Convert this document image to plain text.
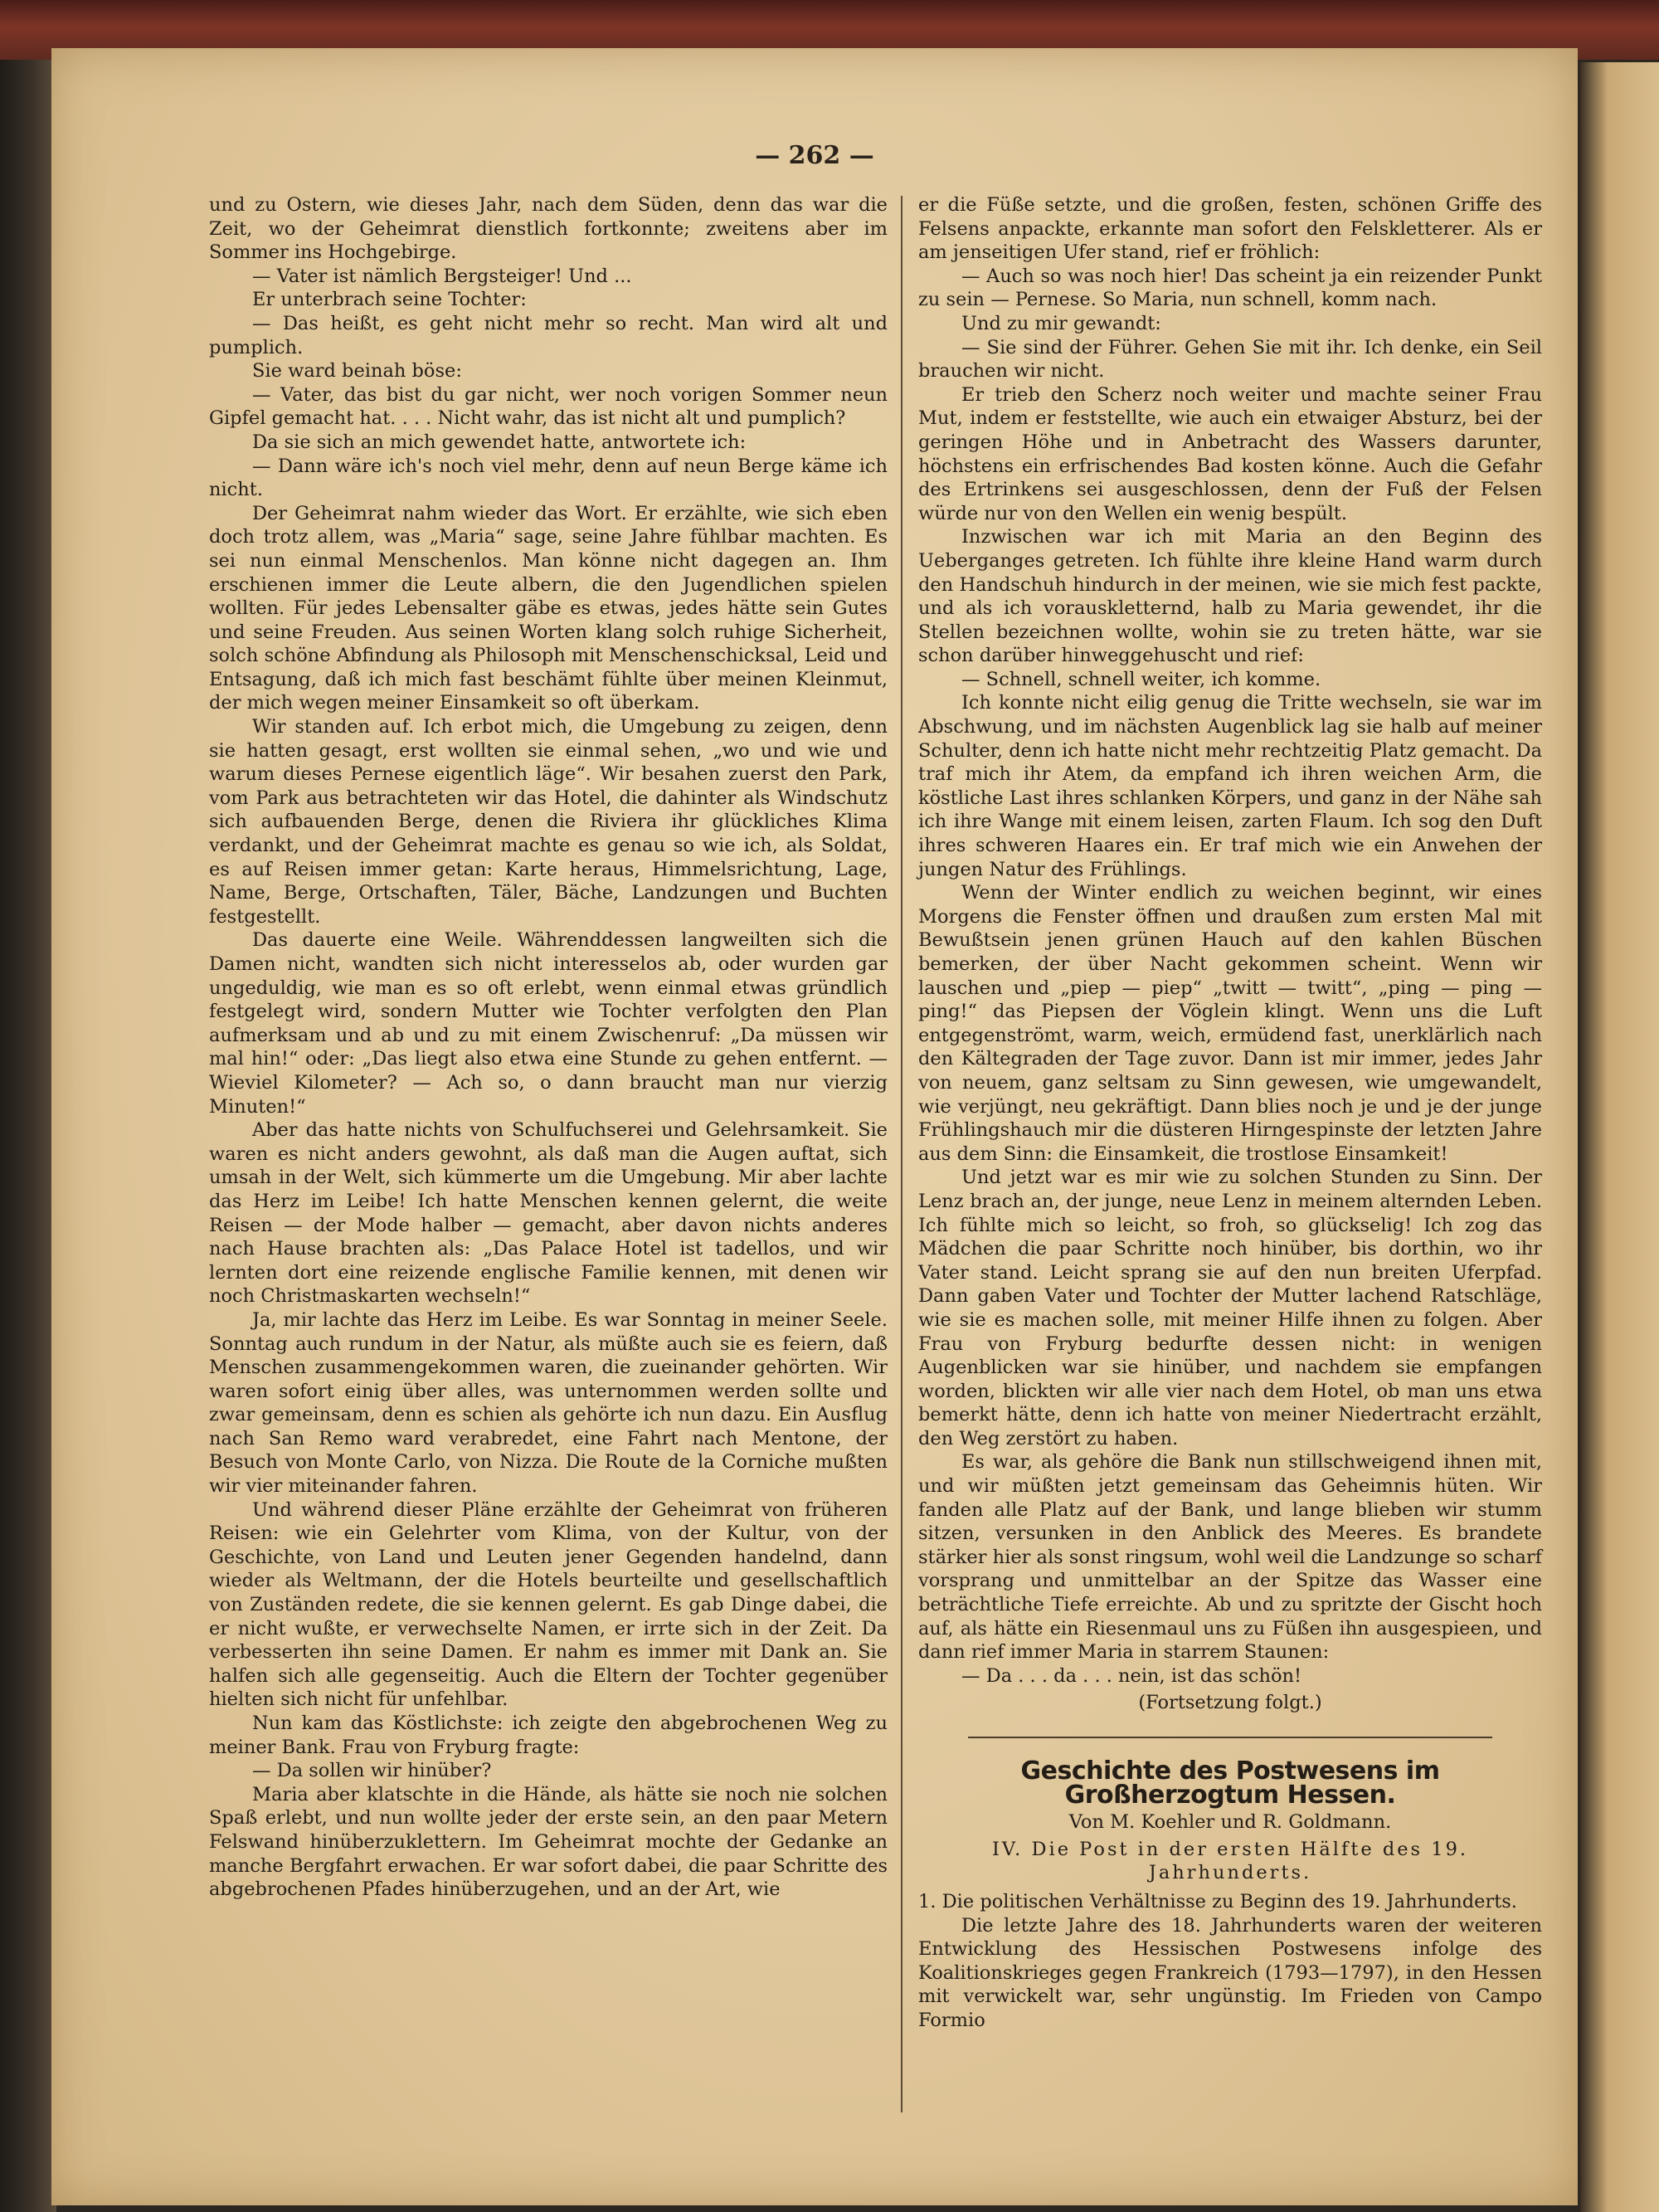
— 262 —

und zu Ostern, wie dieses Jahr, nach dem Süden, denn das war die Zeit, wo der Geheimrat dienstlich fortkonnte; zweitens aber im Sommer ins Hochgebirge.

— Vater ist nämlich Bergsteiger! Und ...

Er unterbrach seine Tochter:

— Das heißt, es geht nicht mehr so recht. Man wird alt und pumplich.

Sie ward beinah böse:

— Vater, das bist du gar nicht, wer noch vorigen Sommer neun Gipfel gemacht hat. . . . Nicht wahr, das ist nicht alt und pumplich?

Da sie sich an mich gewendet hatte, antwortete ich:

— Dann wäre ich's noch viel mehr, denn auf neun Berge käme ich nicht.

Der Geheimrat nahm wieder das Wort. Er erzählte, wie sich eben doch trotz allem, was „Maria“ sage, seine Jahre fühlbar machten. Es sei nun einmal Menschenlos. Man könne nicht dagegen an. Ihm erschienen immer die Leute albern, die den Jugendlichen spielen wollten. Für jedes Lebensalter gäbe es etwas, jedes hätte sein Gutes und seine Freuden. Aus seinen Worten klang solch ruhige Sicherheit, solch schöne Abfindung als Philosoph mit Menschenschicksal, Leid und Entsagung, daß ich mich fast beschämt fühlte über meinen Kleinmut, der mich wegen meiner Einsamkeit so oft überkam.

Wir standen auf. Ich erbot mich, die Umgebung zu zeigen, denn sie hatten gesagt, erst wollten sie einmal sehen, „wo und wie und warum dieses Pernese eigentlich läge“. Wir besahen zuerst den Park, vom Park aus betrachteten wir das Hotel, die dahinter als Windschutz sich aufbauenden Berge, denen die Riviera ihr glückliches Klima verdankt, und der Geheimrat machte es genau so wie ich, als Soldat, es auf Reisen immer getan: Karte heraus, Himmelsrichtung, Lage, Name, Berge, Ortschaften, Täler, Bäche, Landzungen und Buchten festgestellt.

Das dauerte eine Weile. Währenddessen langweilten sich die Damen nicht, wandten sich nicht interesselos ab, oder wurden gar ungeduldig, wie man es so oft erlebt, wenn einmal etwas gründlich festgelegt wird, sondern Mutter wie Tochter verfolgten den Plan aufmerksam und ab und zu mit einem Zwischenruf: „Da müssen wir mal hin!“ oder: „Das liegt also etwa eine Stunde zu gehen entfernt. — Wieviel Kilometer? — Ach so, o dann braucht man nur vierzig Minuten!“

Aber das hatte nichts von Schulfuchserei und Gelehrsamkeit. Sie waren es nicht anders gewohnt, als daß man die Augen auftat, sich umsah in der Welt, sich kümmerte um die Umgebung. Mir aber lachte das Herz im Leibe! Ich hatte Menschen kennen gelernt, die weite Reisen — der Mode halber — gemacht, aber davon nichts anderes nach Hause brachten als: „Das Palace Hotel ist tadellos, und wir lernten dort eine reizende englische Familie kennen, mit denen wir noch Christmaskarten wechseln!“

Ja, mir lachte das Herz im Leibe. Es war Sonntag in meiner Seele. Sonntag auch rundum in der Natur, als müßte auch sie es feiern, daß Menschen zusammengekommen waren, die zueinander gehörten. Wir waren sofort einig über alles, was unternommen werden sollte und zwar gemeinsam, denn es schien als gehörte ich nun dazu. Ein Ausflug nach San Remo ward verabredet, eine Fahrt nach Mentone, der Besuch von Monte Carlo, von Nizza. Die Route de la Corniche mußten wir vier miteinander fahren.

Und während dieser Pläne erzählte der Geheimrat von früheren Reisen: wie ein Gelehrter vom Klima, von der Kultur, von der Geschichte, von Land und Leuten jener Gegenden handelnd, dann wieder als Weltmann, der die Hotels beurteilte und gesellschaftlich von Zuständen redete, die sie kennen gelernt. Es gab Dinge dabei, die er nicht wußte, er verwechselte Namen, er irrte sich in der Zeit. Da verbesserten ihn seine Damen. Er nahm es immer mit Dank an. Sie halfen sich alle gegenseitig. Auch die Eltern der Tochter gegenüber hielten sich nicht für unfehlbar.

Nun kam das Köstlichste: ich zeigte den abgebrochenen Weg zu meiner Bank. Frau von Fryburg fragte:

— Da sollen wir hinüber?

Maria aber klatschte in die Hände, als hätte sie noch nie solchen Spaß erlebt, und nun wollte jeder der erste sein, an den paar Metern Felswand hinüberzuklettern. Im Geheimrat mochte der Gedanke an manche Bergfahrt erwachen. Er war sofort dabei, die paar Schritte des abgebrochenen Pfades hinüberzugehen, und an der Art, wie

er die Füße setzte, und die großen, festen, schönen Griffe des Felsens anpackte, erkannte man sofort den Felskletterer. Als er am jenseitigen Ufer stand, rief er fröhlich:

— Auch so was noch hier! Das scheint ja ein reizender Punkt zu sein — Pernese. So Maria, nun schnell, komm nach.

Und zu mir gewandt:

— Sie sind der Führer. Gehen Sie mit ihr. Ich denke, ein Seil brauchen wir nicht.

Er trieb den Scherz noch weiter und machte seiner Frau Mut, indem er feststellte, wie auch ein etwaiger Absturz, bei der geringen Höhe und in Anbetracht des Wassers darunter, höchstens ein erfrischendes Bad kosten könne. Auch die Gefahr des Ertrinkens sei ausgeschlossen, denn der Fuß der Felsen würde nur von den Wellen ein wenig bespült.

Inzwischen war ich mit Maria an den Beginn des Ueberganges getreten. Ich fühlte ihre kleine Hand warm durch den Handschuh hindurch in der meinen, wie sie mich fest packte, und als ich vorauskletternd, halb zu Maria gewendet, ihr die Stellen bezeichnen wollte, wohin sie zu treten hätte, war sie schon darüber hinweggehuscht und rief:

— Schnell, schnell weiter, ich komme.

Ich konnte nicht eilig genug die Tritte wechseln, sie war im Abschwung, und im nächsten Augenblick lag sie halb auf meiner Schulter, denn ich hatte nicht mehr rechtzeitig Platz gemacht. Da traf mich ihr Atem, da empfand ich ihren weichen Arm, die köstliche Last ihres schlanken Körpers, und ganz in der Nähe sah ich ihre Wange mit einem leisen, zarten Flaum. Ich sog den Duft ihres schweren Haares ein. Er traf mich wie ein Anwehen der jungen Natur des Frühlings.

Wenn der Winter endlich zu weichen beginnt, wir eines Morgens die Fenster öffnen und draußen zum ersten Mal mit Bewußtsein jenen grünen Hauch auf den kahlen Büschen bemerken, der über Nacht gekommen scheint. Wenn wir lauschen und „piep — piep“ „twitt — twitt“, „ping — ping — ping!“ das Piepsen der Vöglein klingt. Wenn uns die Luft entgegenströmt, warm, weich, ermüdend fast, unerklärlich nach den Kältegraden der Tage zuvor. Dann ist mir immer, jedes Jahr von neuem, ganz seltsam zu Sinn gewesen, wie umgewandelt, wie verjüngt, neu gekräftigt. Dann blies noch je und je der junge Frühlingshauch mir die düsteren Hirngespinste der letzten Jahre aus dem Sinn: die Einsamkeit, die trostlose Einsamkeit!

Und jetzt war es mir wie zu solchen Stunden zu Sinn. Der Lenz brach an, der junge, neue Lenz in meinem alternden Leben. Ich fühlte mich so leicht, so froh, so glückselig! Ich zog das Mädchen die paar Schritte noch hinüber, bis dorthin, wo ihr Vater stand. Leicht sprang sie auf den nun breiten Uferpfad. Dann gaben Vater und Tochter der Mutter lachend Ratschläge, wie sie es machen solle, mit meiner Hilfe ihnen zu folgen. Aber Frau von Fryburg bedurfte dessen nicht: in wenigen Augenblicken war sie hinüber, und nachdem sie empfangen worden, blickten wir alle vier nach dem Hotel, ob man uns etwa bemerkt hätte, denn ich hatte von meiner Niedertracht erzählt, den Weg zerstört zu haben.

Es war, als gehöre die Bank nun stillschweigend ihnen mit, und wir müßten jetzt gemeinsam das Geheimnis hüten. Wir fanden alle Platz auf der Bank, und lange blieben wir stumm sitzen, versunken in den Anblick des Meeres. Es brandete stärker hier als sonst ringsum, wohl weil die Landzunge so scharf vorsprang und unmittelbar an der Spitze das Wasser eine beträchtliche Tiefe erreichte. Ab und zu spritzte der Gischt hoch auf, als hätte ein Riesenmaul uns zu Füßen ihn ausgespieen, und dann rief immer Maria in starrem Staunen:

— Da . . . da . . . nein, ist das schön!

(Fortsetzung folgt.)

Geschichte des Postwesens im Großherzogtum Hessen.
Von M. Koehler und R. Goldmann.
IV. Die Post in der ersten Hälfte des 19. Jahrhunderts.

1. Die politischen Verhältnisse zu Beginn des 19. Jahrhunderts.

Die letzte Jahre des 18. Jahrhunderts waren der weiteren Entwicklung des Hessischen Postwesens infolge des Koalitionskrieges gegen Frankreich (1793—1797), in den Hessen mit verwickelt war, sehr ungünstig. Im Frieden von Campo Formio
